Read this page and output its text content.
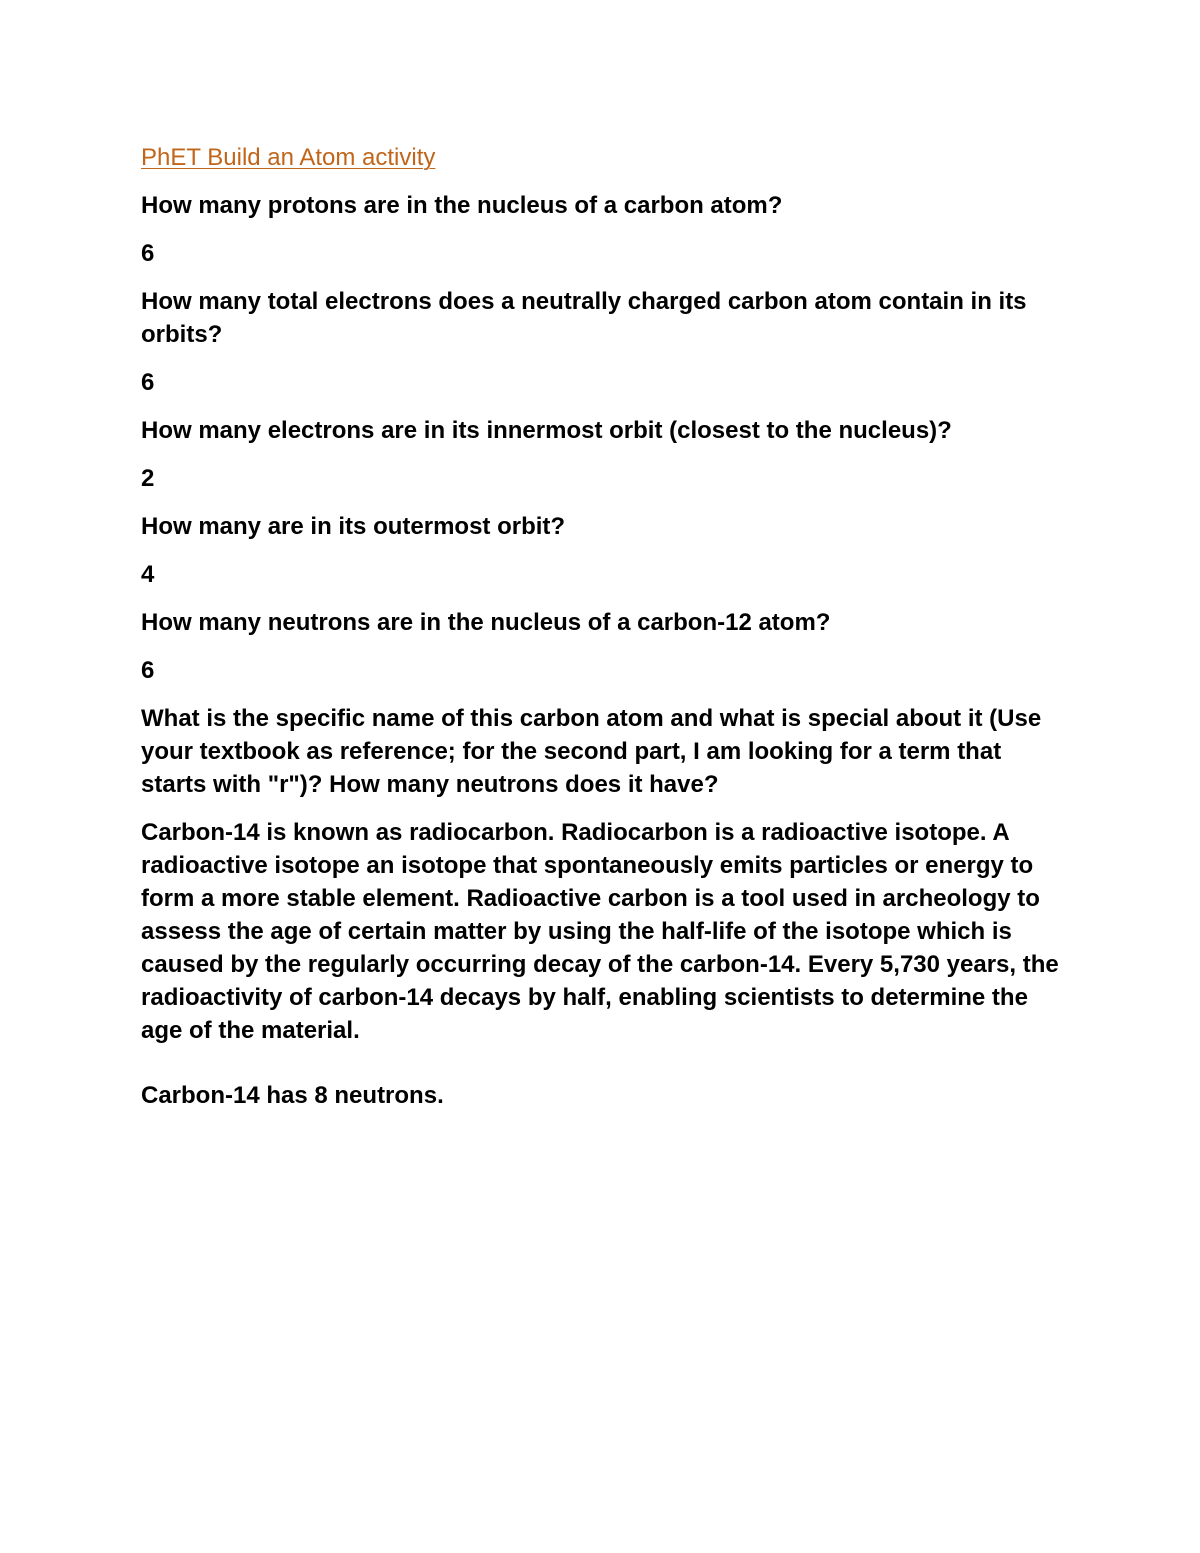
PhET Build an Atom activity
How many protons are in the nucleus of a carbon atom?
6
How many total electrons does a neutrally charged carbon atom contain in its orbits?
6
How many electrons are in its innermost orbit (closest to the nucleus)?
2
How many are in its outermost orbit?
4
How many neutrons are in the nucleus of a carbon-12 atom?
6
What is the specific name of this carbon atom and what is special about it (Use your textbook as reference; for the second part, I am looking for a term that starts with "r")? How many neutrons does it have?
Carbon-14 is known as radiocarbon. Radiocarbon is a radioactive isotope. A radioactive isotope an isotope that spontaneously emits particles or energy to form a more stable element. Radioactive carbon is a tool used in archeology to assess the age of certain matter by using the half-life of the isotope which is caused by the regularly occurring decay of the carbon-14. Every 5,730 years, the radioactivity of carbon-14 decays by half, enabling scientists to determine the age of the material.
Carbon-14 has 8 neutrons.
